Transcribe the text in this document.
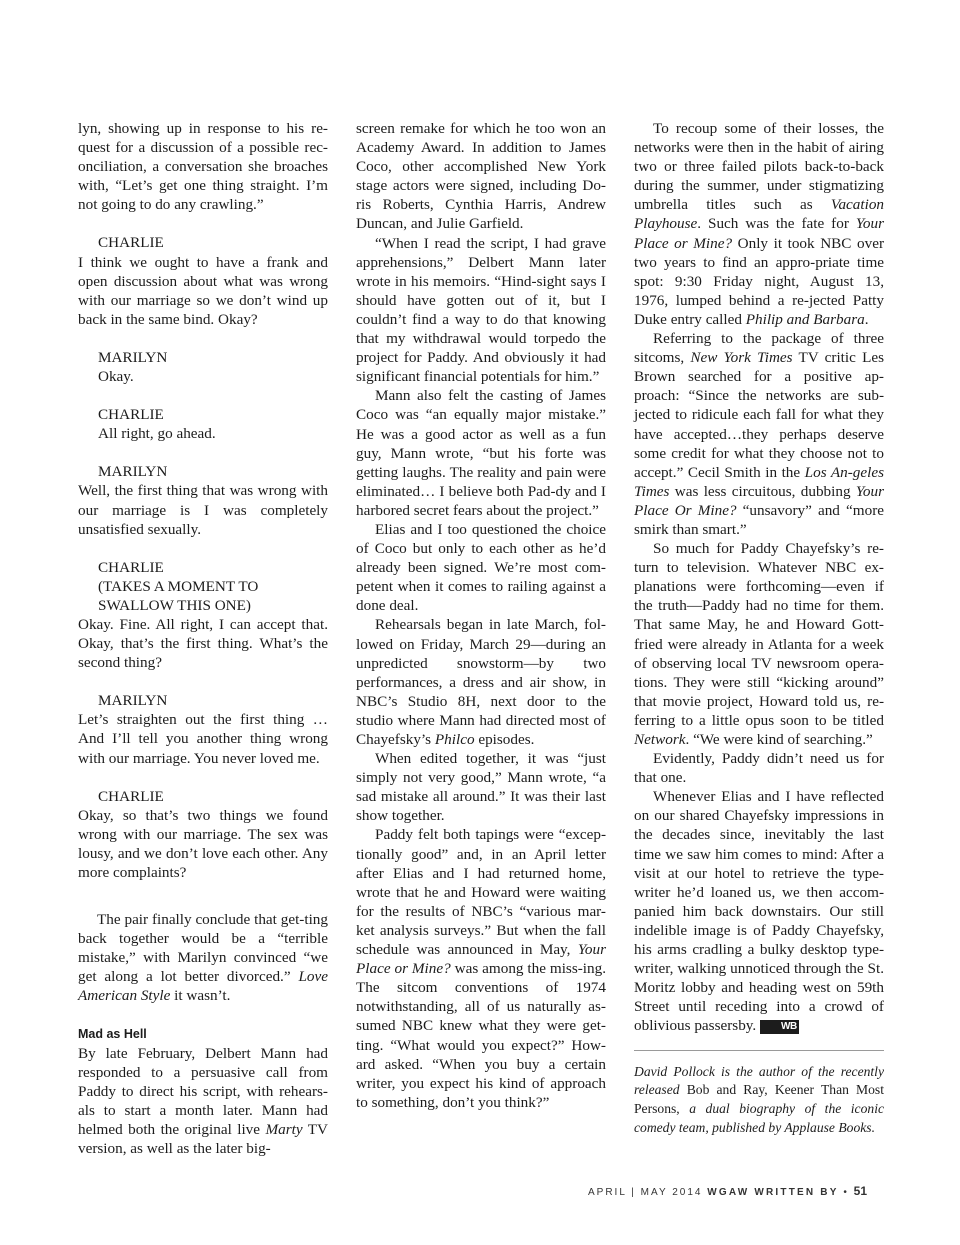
lyn, showing up in response to his re-quest for a discussion of a possible rec-onciliation, a conversation she broaches with, “Let’s get one thing straight. I’m not going to do any crawling.”

CHARLIE

I think we ought to have a frank and open discussion about what was wrong with our marriage so we don’t wind up back in the same bind. Okay?

MARILYN

Okay.

CHARLIE

All right, go ahead.

MARILYN

Well, the first thing that was wrong with our marriage is I was completely unsatisfied sexually.

CHARLIE

(TAKES A MOMENT TO

SWALLOW THIS ONE)

Okay. Fine. All right, I can accept that. Okay, that’s the first thing. What’s the second thing?

MARILYN

Let’s straighten out the first thing … And I’ll tell you another thing wrong with our marriage. You never loved me.

CHARLIE

Okay, so that’s two things we found wrong with our marriage. The sex was lousy, and we don’t love each other. Any more complaints?

The pair finally conclude that get-ting back together would be a “terrible mistake,” with Marilyn convinced “we get along a lot better divorced.” Love American Style it wasn’t.

Mad as Hell

By late February, Delbert Mann had responded to a persuasive call from Paddy to direct his script, with rehears-als to start a month later. Mann had helmed both the original live Marty TV version, as well as the later big-

screen remake for which he too won an Academy Award. In addition to James Coco, other accomplished New York stage actors were signed, including Do-ris Roberts, Cynthia Harris, Andrew Duncan, and Julie Garfield.

“When I read the script, I had grave apprehensions,” Delbert Mann later wrote in his memoirs. “Hind-sight says I should have gotten out of it, but I couldn’t find a way to do that knowing that my withdrawal would torpedo the project for Paddy. And obviously it had significant financial potentials for him.”

Mann also felt the casting of James Coco was “an equally major mistake.” He was a good actor as well as a fun guy, Mann wrote, “but his forte was getting laughs. The reality and pain were eliminated… I believe both Pad-dy and I harbored secret fears about the project.”

Elias and I too questioned the choice of Coco but only to each other as he’d already been signed. We’re most com-petent when it comes to railing against a done deal.

Rehearsals began in late March, fol-lowed on Friday, March 29—during an unpredicted snowstorm—by two performances, a dress and air show, in NBC’s Studio 8H, next door to the studio where Mann had directed most of Chayefsky’s Philco episodes.

When edited together, it was “just simply not very good,” Mann wrote, “a sad mistake all around.” It was their last show together.

Paddy felt both tapings were “excep-tionally good” and, in an April letter after Elias and I had returned home, wrote that he and Howard were waiting for the results of NBC’s “various mar-ket analysis surveys.” But when the fall schedule was announced in May, Your Place or Mine? was among the miss-ing. The sitcom conventions of 1974 notwithstanding, all of us naturally as-sumed NBC knew what they were get-ting. “What would you expect?” How-ard asked. “When you buy a certain writer, you expect his kind of approach to something, don’t you think?”

To recoup some of their losses, the networks were then in the habit of airing two or three failed pilots back-to-back during the summer, under stigmatizing umbrella titles such as Vacation Playhouse. Such was the fate for Your Place or Mine? Only it took NBC over two years to find an appro-priate time spot: 9:30 Friday night, August 13, 1976, lumped behind a re-jected Patty Duke entry called Philip and Barbara.

Referring to the package of three sitcoms, New York Times TV critic Les Brown searched for a positive ap-proach: “Since the networks are sub-jected to ridicule each fall for what they have accepted…they perhaps deserve some credit for what they choose not to accept.” Cecil Smith in the Los An-geles Times was less circuitous, dubbing Your Place Or Mine? “unsavory” and “more smirk than smart.”

So much for Paddy Chayefsky’s re-turn to television. Whatever NBC ex-planations were forthcoming—even if the truth—Paddy had no time for them. That same May, he and Howard Gott-fried were already in Atlanta for a week of observing local TV newsroom opera-tions. They were still “kicking around” that movie project, Howard told us, re-ferring to a little opus soon to be titled Network. “We were kind of searching.”

Evidently, Paddy didn’t need us for that one.

Whenever Elias and I have reflected on our shared Chayefsky impressions in the decades since, inevitably the last time we saw him comes to mind: After a visit at our hotel to retrieve the type-writer he’d loaned us, we then accom-panied him back downstairs. Our still indelible image is of Paddy Chayefsky, his arms cradling a bulky desktop type-writer, walking unnoticed through the St. Moritz lobby and heading west on 59th Street until receding into a crowd of oblivious passersby. WB

David Pollock is the author of the recently released Bob and Ray, Keener Than Most Persons, a dual biography of the iconic comedy team, published by Applause Books.

APRIL | MAY 2014 WGAW WRITTEN BY • 51
